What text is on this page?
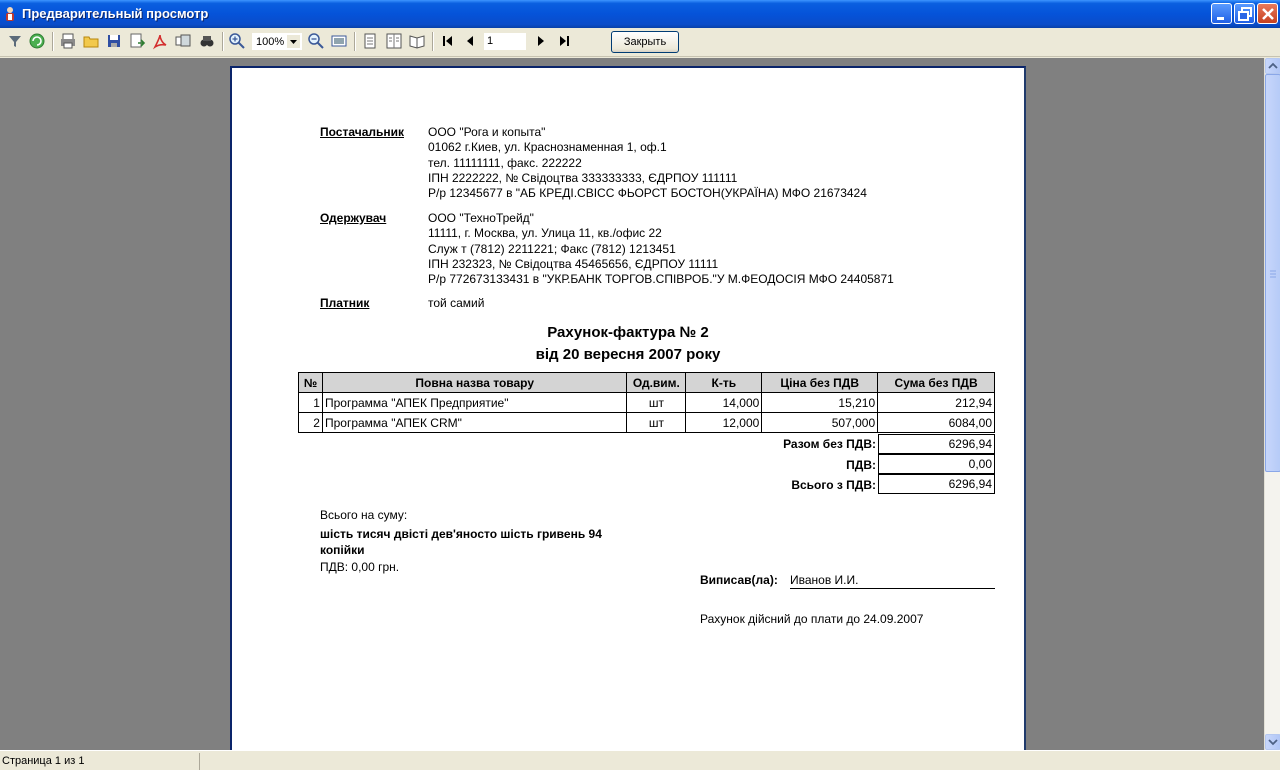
Предварительный просмотр
100%	1	Закрыть
Постачальник ООО "Рога и копыта"
01062 г.Киев, ул. Краснознаменная 1, оф.1
тел. 11111111, факс. 222222
ІПН 2222222, № Свідоцтва 333333333, ЄДРПОУ 111111
Р/р 12345677 в "АБ КРЕДІ.СВІСС ФЬОРСТ БОСТОН(УКРАЇНА) МФО 21673424
Одержувач	ООО "ТехноТрейд"
11111, г. Москва, ул. Улица 11, кв./офис 22
Служ т (7812) 2211221; Факс (7812) 1213451
ІПН 232323, № Свідоцтва 45465656, ЄДРПОУ 11111
Р/р 772673133431 в "УКР.БАНК ТОРГОВ.СПІВРОБ."У М.ФЕОДОСІЯ МФО 24405871
Платник	той самий
Рахунок-фактура № 2
від 20 вересня 2007 року
№	Повна назва товару	Од.вим.	К-ть	Ціна без ПДВ	Сума без ПДВ
1	Программа "АПЕК Предприятие"	шт	14,000	15,210	212,94
2	Программа "АПЕК CRM"	шт	12,000	507,000	6084,00
Разом без ПДВ:	6296,94
ПДВ:	0,00
Всього з ПДВ:	6296,94
Всього на суму:
шість тисяч двісті дев'яносто шість гривень 94
копійки
ПДВ: 0,00 грн.
Виписав(ла): Иванов И.И.
Рахунок дійсний до плати до 24.09.2007
Страница 1 из 1
